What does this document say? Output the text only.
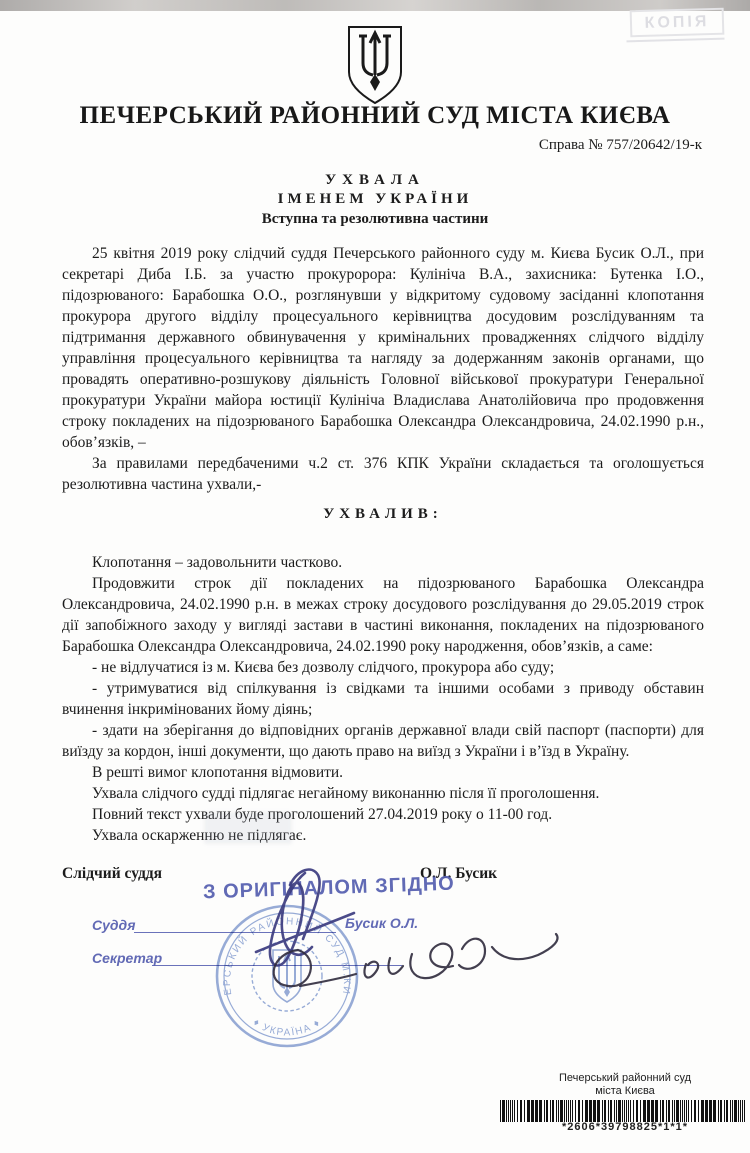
КОПІЯ
ПЕЧЕРСЬКИЙ РАЙОННИЙ СУД МІСТА КИЄВА
Справа № 757/20642/19-к
УХВАЛА
ІМЕНЕМ УКРАЇНИ
Вступна та резолютивна частини

25 квітня 2019 року слідчий суддя Печерського районного суду м. Києва Бусик О.Л., при секретарі Диба І.Б. за участю прокуророра: Кулініча В.А., захисника: Бутенка І.О., підозрюваного: Барабошка О.О., розглянувши у відкритому судовому засіданні клопотання прокурора другого відділу процесуального керівництва досудовим розслідуванням та підтримання державного обвинувачення у кримінальних провадженнях слідчого відділу управління процесуального керівництва та нагляду за додержанням законів органами, що провадять оперативно-розшукову діяльність Головної військової прокуратури Генеральної прокуратури України майора юстиції Кулініча Владислава Анатолійовича про продовження строку покладених на підозрюваного Барабошка Олександра Олександровича, 24.02.1990 р.н., обов’язків, –

За правилами передбаченими ч.2 ст. 376 КПК України складається та оголошується резолютивна частина ухвали,-

УХВАЛИВ:

Клопотання – задовольнити частково.

Продовжити строк дії покладених на підозрюваного Барабошка Олександра Олександровича, 24.02.1990 р.н. в межах строку досудового розслідування до 29.05.2019 строк дії запобіжного заходу у вигляді застави в частині виконання, покладених на підозрюваного Барабошка Олександра Олександровича, 24.02.1990 року народження, обов’язків, а саме:

- не відлучатися із м. Києва без дозволу слідчого, прокурора або суду;

- утримуватися від спілкування із свідками та іншими особами з приводу обставин вчинення інкримінованих йому діянь;

- здати на зберігання до відповідних органів державної влади свій паспорт (паспорти) для виїзду за кордон, інші документи, що дають право на виїзд з України і в’їзд в Україну.

В решті вимог клопотання відмовити.

Ухвала слідчого судді підлягає негайному виконанню після її проголошення.

Повний текст ухвали буде проголошений 27.04.2019 року о 11-00 год.

Ухвала оскарженню не підлягає.

Слідчий суддя	О.Л. Бусик
З ОРИГІНАЛОМ ЗГІДНО
Суддя	Бусик О.Л.
Секретар
ПЕЧЕРСЬКИЙ РАЙОННИЙ СУД М.КИЄВА
♦ УКРАЇНА ♦
Печерський районний суд
міста Києва
*2606*39798825*1*1*
